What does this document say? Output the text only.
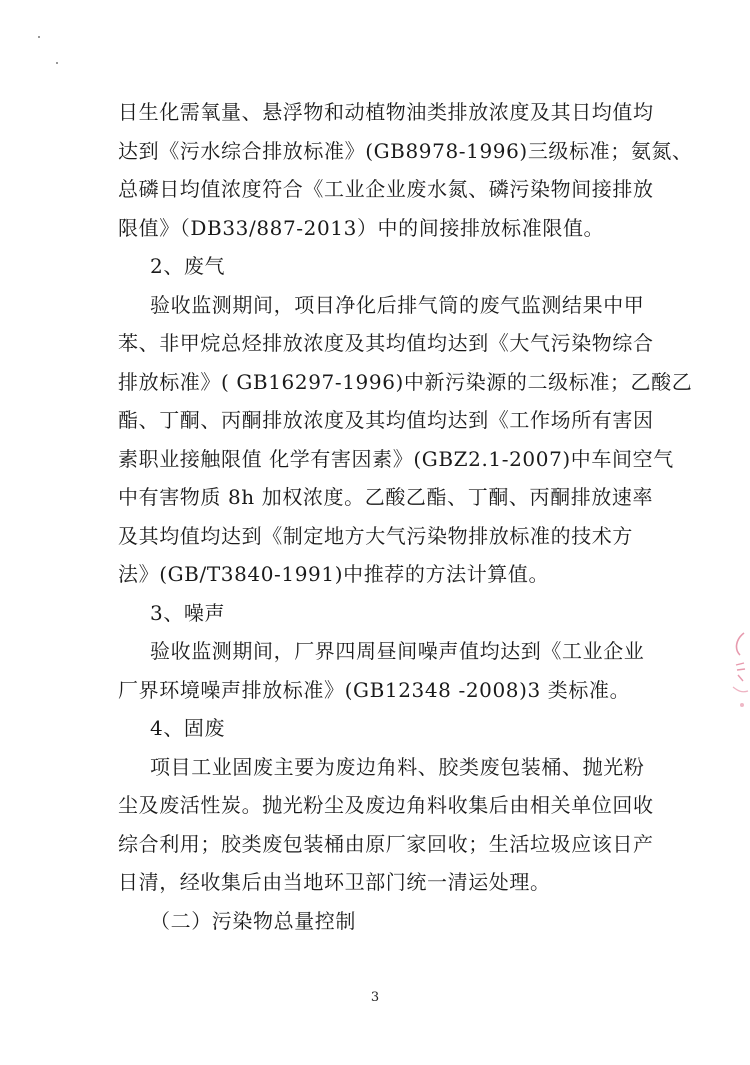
日生化需氧量、悬浮物和动植物油类排放浓度及其日均值均
达到《污水综合排放标准》(GB8978-1996)三级标准；氨氮、
总磷日均值浓度符合《工业企业废水氮、磷污染物间接排放
限值》（DB33/887-2013）中的间接排放标准限值。
2、废气
验收监测期间，项目净化后排气筒的废气监测结果中甲
苯、非甲烷总烃排放浓度及其均值均达到《大气污染物综合
排放标准》( GB16297-1996)中新污染源的二级标准；乙酸乙
酯、丁酮、丙酮排放浓度及其均值均达到《工作场所有害因
素职业接触限值 化学有害因素》(GBZ2.1-2007)中车间空气
中有害物质 8h 加权浓度。乙酸乙酯、丁酮、丙酮排放速率
及其均值均达到《制定地方大气污染物排放标准的技术方
法》(GB/T3840-1991)中推荐的方法计算值。
3、噪声
验收监测期间，厂界四周昼间噪声值均达到《工业企业
厂界环境噪声排放标准》(GB12348 -2008)3 类标准。
4、固废
项目工业固废主要为废边角料、胶类废包装桶、抛光粉
尘及废活性炭。抛光粉尘及废边角料收集后由相关单位回收
综合利用；胶类废包装桶由原厂家回收；生活垃圾应该日产
日清，经收集后由当地环卫部门统一清运处理。
（二）污染物总量控制
3
